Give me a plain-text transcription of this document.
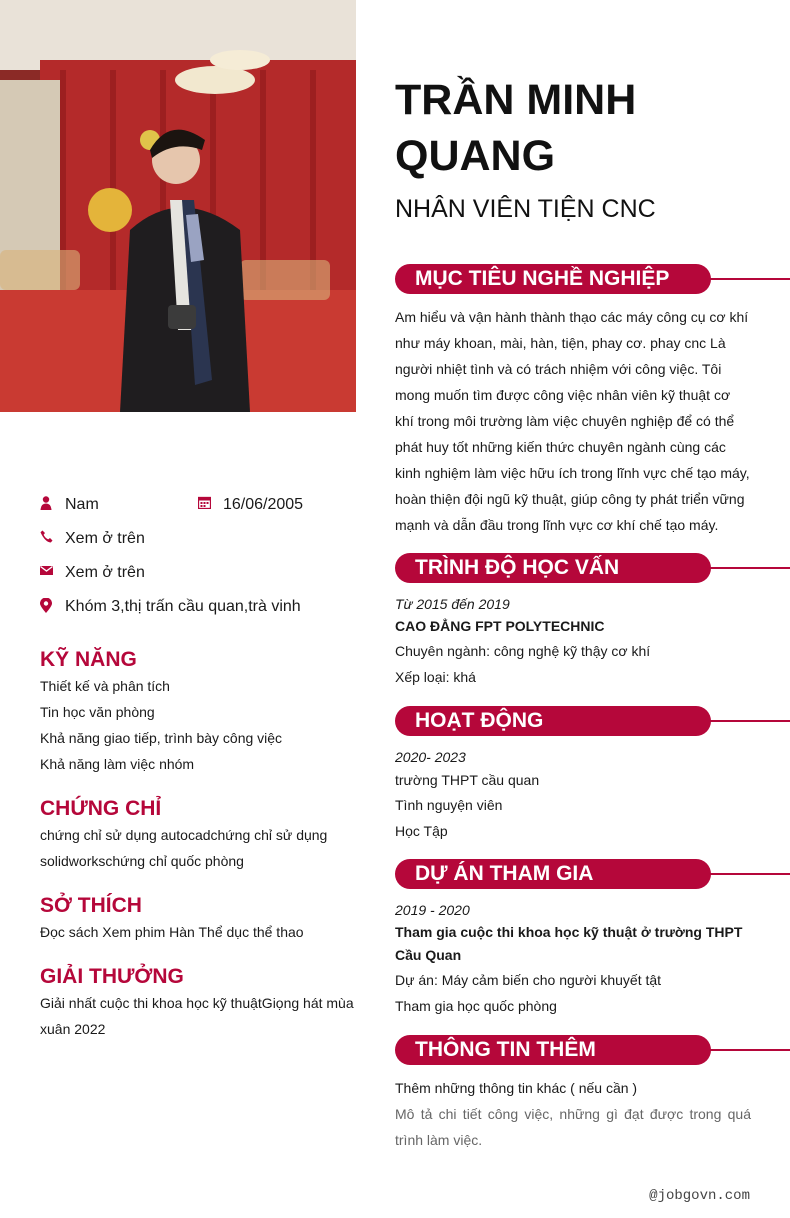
Nam	16/06/2005
Xem ở trên
Xem ở trên
Khóm 3,thị trấn cầu quan,trà vinh
KỸ NĂNG
Thiết kế và phân tích
Tin học văn phòng
Khả năng giao tiếp, trình bày công việc
Khả năng làm việc nhóm
CHỨNG CHỈ
chứng chỉ sử dụng autocadchứng chỉ sử dụng solidworkschứng chỉ quốc phòng
SỞ THÍCH
Đọc sách Xem phim Hàn Thể dục thể thao
GIẢI THƯỞNG
Giải nhất cuộc thi khoa học kỹ thuậtGiọng hát mùa xuân 2022
TRẦN MINH QUANG
NHÂN VIÊN TIỆN CNC
MỤC TIÊU NGHỀ NGHIỆP
Am hiểu và vận hành thành thạo các máy công cụ cơ khí như máy khoan, mài, hàn, tiện, phay cơ. phay cnc Là người nhiệt tình và có trách nhiệm với công việc. Tôi mong muốn tìm được công việc nhân viên kỹ thuật cơ khí trong môi trường làm việc chuyên nghiệp để có thể phát huy tốt những kiến thức chuyên ngành cùng các kinh nghiệm làm việc hữu ích trong lĩnh vực chế tạo máy, hoàn thiện đội ngũ kỹ thuật, giúp công ty phát triển vững mạnh và dẫn đầu trong lĩnh vực cơ khí chế tạo máy.
TRÌNH ĐỘ HỌC VẤN
Từ 2015 đến 2019
CAO ĐẲNG FPT POLYTECHNIC
Chuyên ngành: công nghệ kỹ thậy cơ khí
Xếp loại: khá
HOẠT ĐỘNG
2020- 2023
trường THPT cầu quan
Tình nguyện viên
Học Tập
DỰ ÁN THAM GIA
2019 - 2020
Tham gia cuộc thi khoa học kỹ thuật ở trường THPT Cầu Quan
Dự án: Máy cảm biến cho người khuyết tật
Tham gia học quốc phòng
THÔNG TIN THÊM
Thêm những thông tin khác ( nếu cần )
Mô tả chi tiết công việc, những gì đạt được trong quá trình làm việc.
@jobgovn.com
